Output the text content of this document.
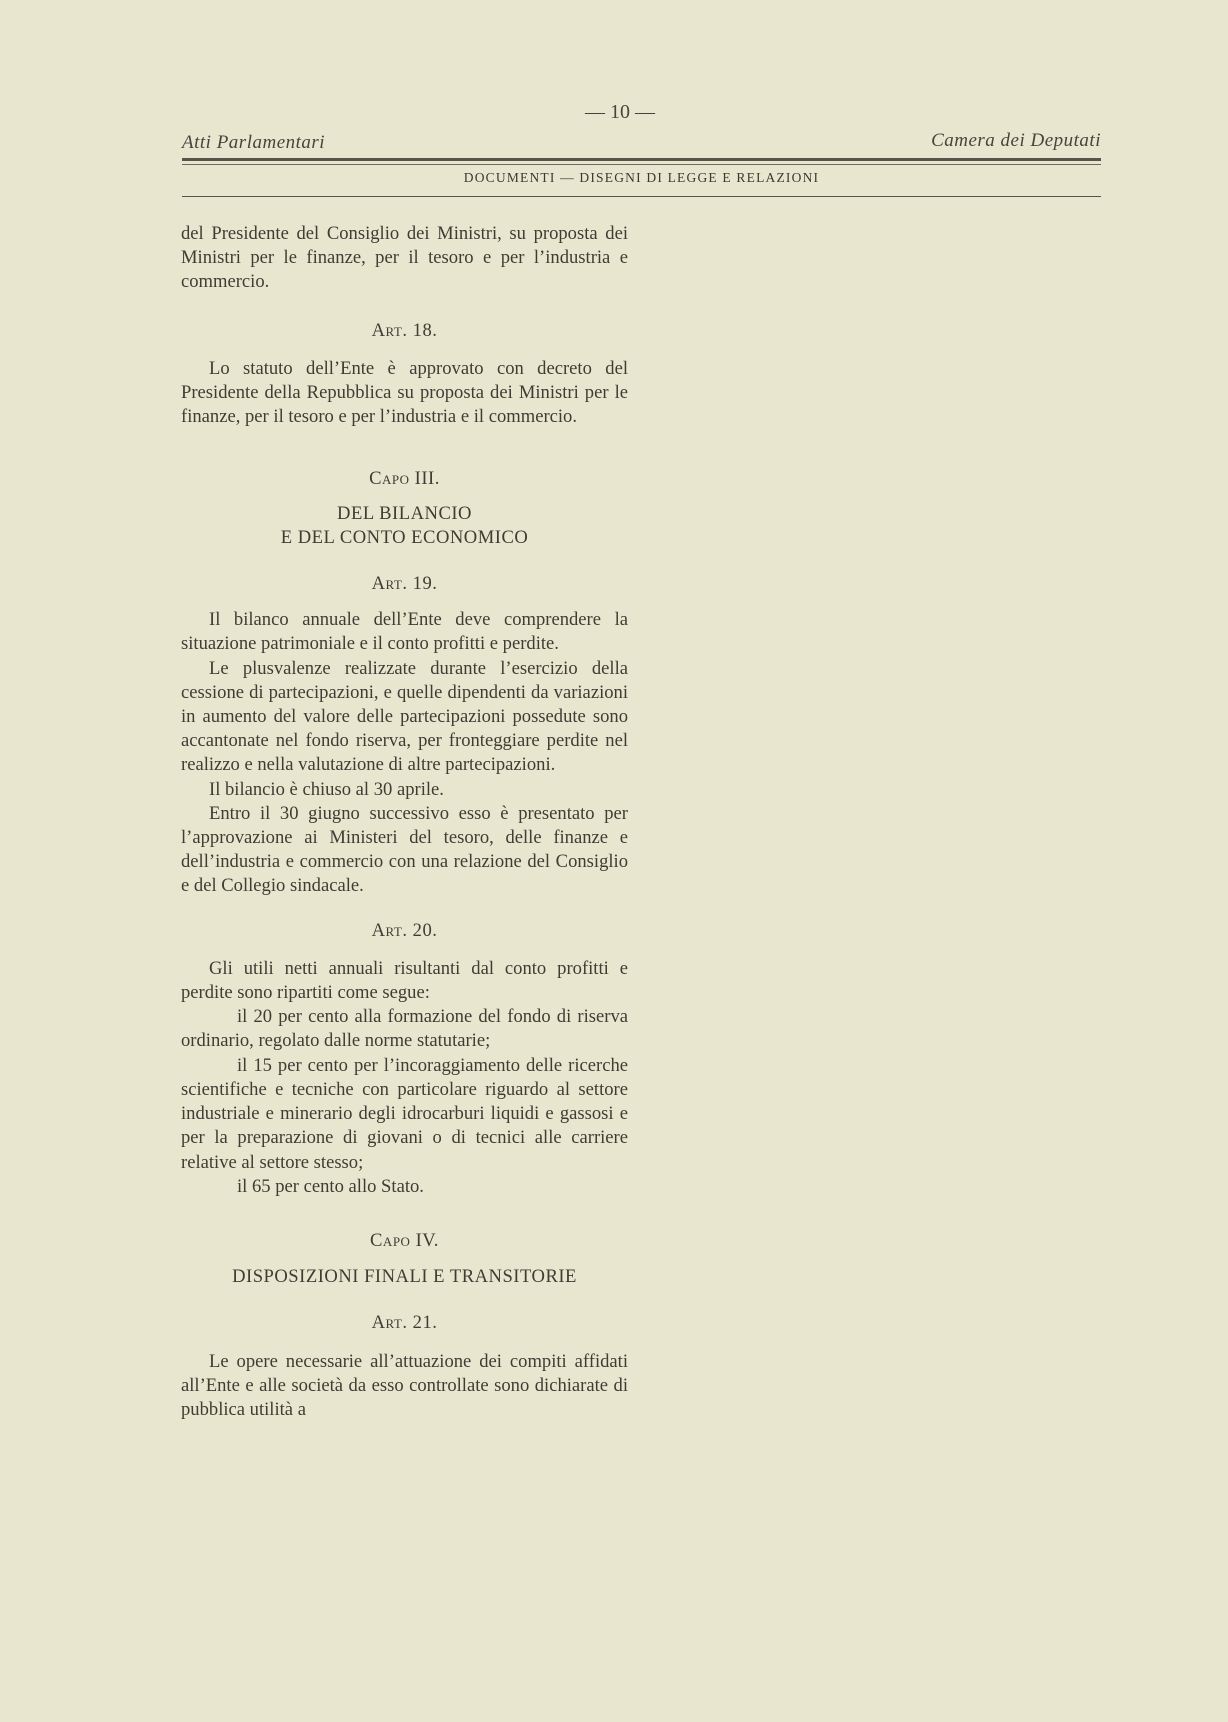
— 10 —
Atti Parlamentari	Camera dei Deputati
DOCUMENTI — DISEGNI DI LEGGE E RELAZIONI

del Presidente del Consiglio dei Ministri, su proposta dei Ministri per le finanze, per il tesoro e per l’industria e commercio.

Art. 18.

Lo statuto dell’Ente è approvato con decreto del Presidente della Repubblica su proposta dei Ministri per le finanze, per il tesoro e per l’industria e il commercio.

Capo III.

DEL BILANCIO

E DEL CONTO ECONOMICO

Art. 19.

Il bilanco annuale dell’Ente deve comprendere la situazione patrimoniale e il conto profitti e perdite.

Le plusvalenze realizzate durante l’esercizio della cessione di partecipazioni, e quelle dipendenti da variazioni in aumento del valore delle partecipazioni possedute sono accantonate nel fondo riserva, per fronteggiare perdite nel realizzo e nella valutazione di altre partecipazioni.

Il bilancio è chiuso al 30 aprile.

Entro il 30 giugno successivo esso è presentato per l’approvazione ai Ministeri del tesoro, delle finanze e dell’industria e commercio con una relazione del Consiglio e del Collegio sindacale.

Art. 20.

Gli utili netti annuali risultanti dal conto profitti e perdite sono ripartiti come segue:

il 20 per cento alla formazione del fondo di riserva ordinario, regolato dalle norme statutarie;

il 15 per cento per l’incoraggiamento delle ricerche scientifiche e tecniche con particolare riguardo al settore industriale e minerario degli idrocarburi liquidi e gassosi e per la preparazione di giovani o di tecnici alle carriere relative al settore stesso;

il 65 per cento allo Stato.

Capo IV.

DISPOSIZIONI FINALI E TRANSITORIE

Art. 21.

Le opere necessarie all’attuazione dei compiti affidati all’Ente e alle società da esso controllate sono dichiarate di pubblica utilità a
